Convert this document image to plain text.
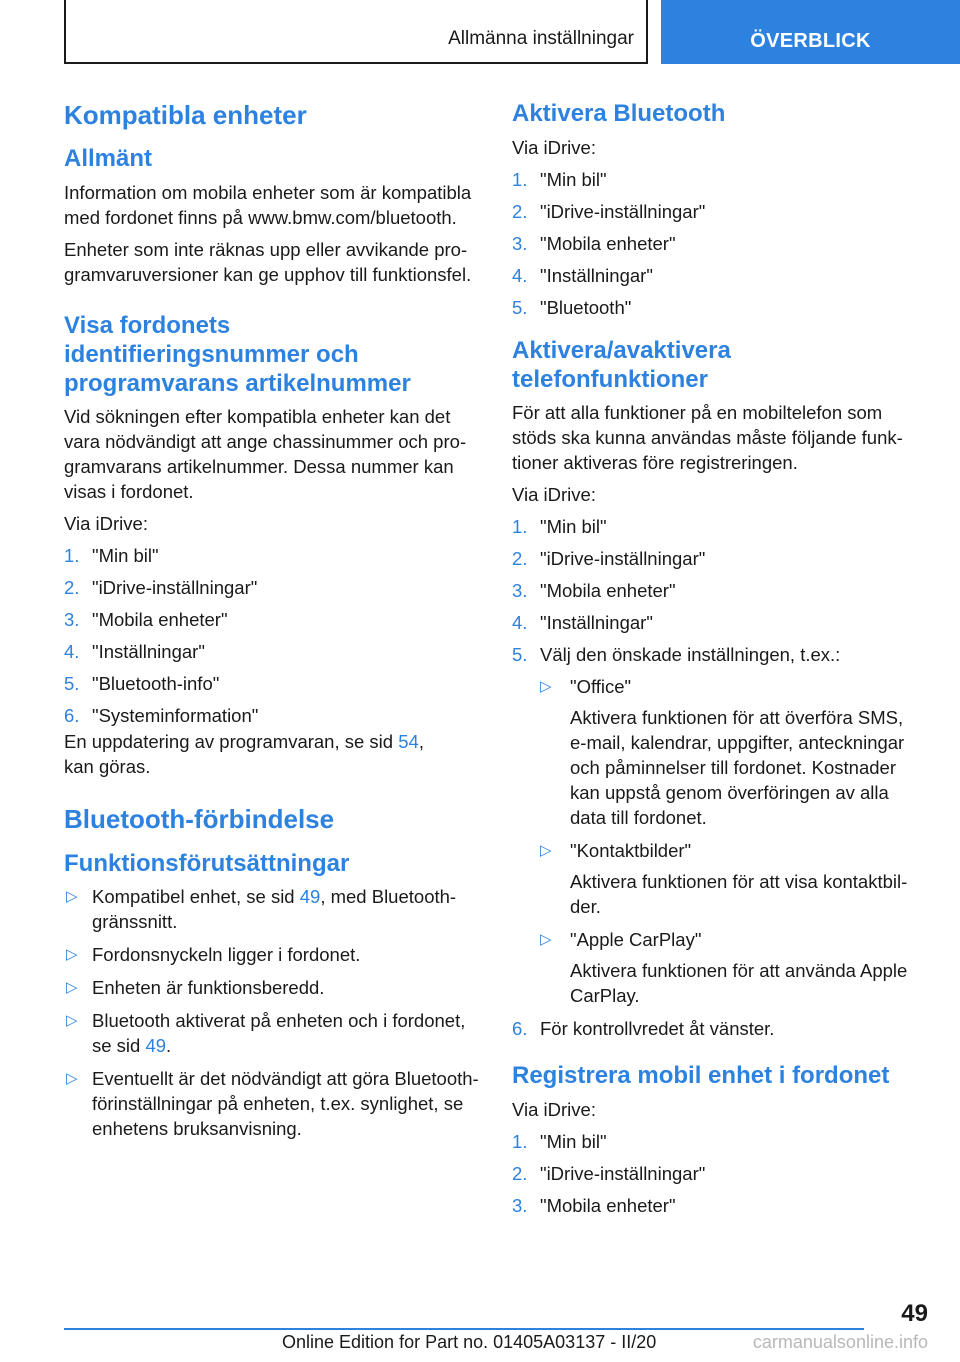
Allmänna inställningar	ÖVERBLICK
Kompatibla enheter
Allmänt

Information om mobila enheter som är kompatibla med fordonet finns på www.bmw.com/bluetooth.

Enheter som inte räknas upp eller avvikande programvaruversioner kan ge upphov till funktionsfel.

Visa fordonets identifieringsnummer och programvarans artikelnummer

Vid sökningen efter kompatibla enheter kan det vara nödvändigt att ange chassinummer och programvarans artikelnummer. Dessa nummer kan visas i fordonet.

Via iDrive:

1. "Min bil"
2. "iDrive-inställningar"
3. "Mobila enheter"
4. "Inställningar"
5. "Bluetooth-info"
6. "Systeminformation"

En uppdatering av programvaran, se sid 54,
kan göras.

Bluetooth-förbindelse
Funktionsförutsättningar
▷ Kompatibel enhet, se sid 49, med Bluetooth-gränssnitt.
▷ Fordonsnyckeln ligger i fordonet.
▷ Enheten är funktionsberedd.
▷ Bluetooth aktiverat på enheten och i fordonet, se sid 49.
▷ Eventuellt är det nödvändigt att göra Bluetooth-förinställningar på enheten, t.ex. synlighet, se enhetens bruksanvisning.
Aktivera Bluetooth

Via iDrive:

1. "Min bil"
2. "iDrive-inställningar"
3. "Mobila enheter"
4. "Inställningar"
5. "Bluetooth"
Aktivera/avaktivera telefonfunktioner

För att alla funktioner på en mobiltelefon som stöds ska kunna användas måste följande funktioner aktiveras före registreringen.

Via iDrive:

1. "Min bil"
2. "iDrive-inställningar"
3. "Mobila enheter"
4. "Inställningar"
5. Välj den önskade inställningen, t.ex.:
▷ "Office"
Aktivera funktionen för att överföra SMS, e-mail, kalendrar, uppgifter, anteckningar och påminnelser till fordonet. Kostnader kan uppstå genom överföringen av alla data till fordonet.
▷ "Kontaktbilder"
Aktivera funktionen för att visa kontaktbilder.
▷ "Apple CarPlay"
Aktivera funktionen för att använda Apple CarPlay.
6. För kontrollvredet åt vänster.
Registrera mobil enhet i fordonet

Via iDrive:

1. "Min bil"
2. "iDrive-inställningar"
3. "Mobila enheter"
49
Online Edition for Part no. 01405A03137 - II/20	carmanualsonline.info
